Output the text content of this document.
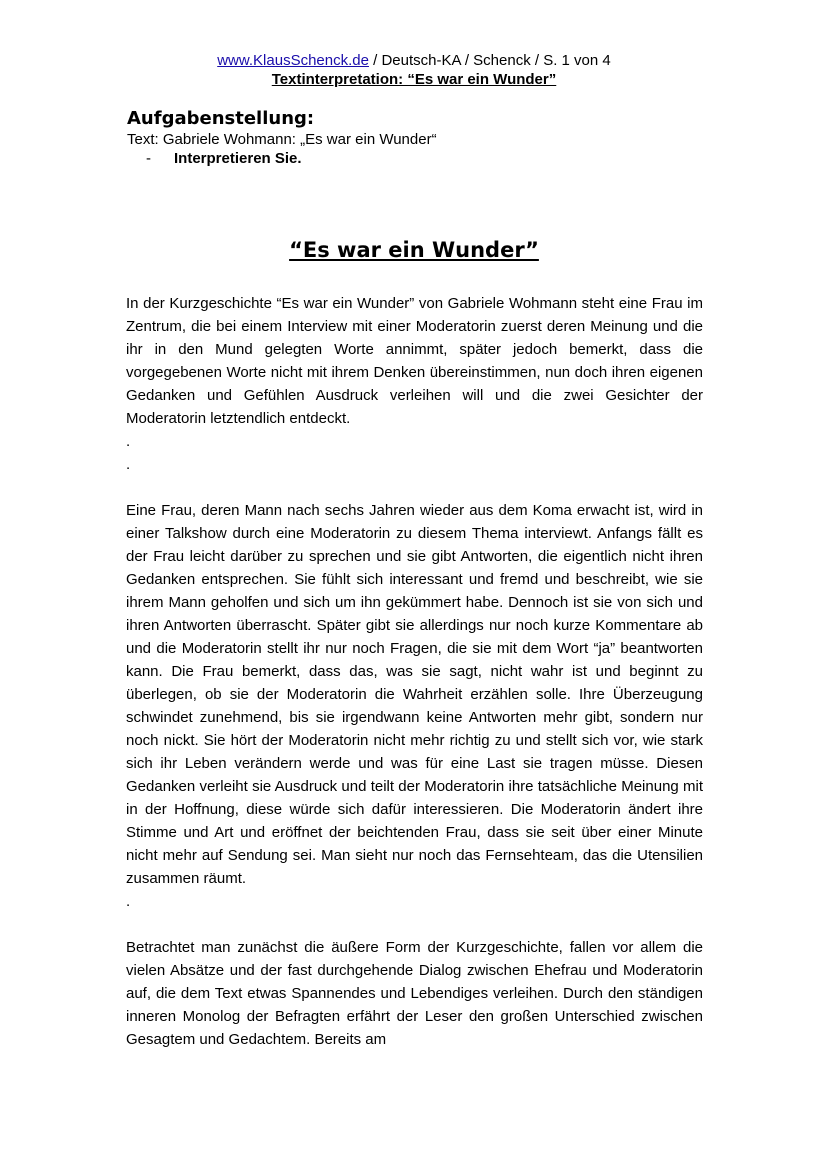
www.KlausSchenck.de / Deutsch-KA / Schenck / S. 1 von 4
Textinterpretation: “Es war ein Wunder”

Aufgabenstellung:

Text: Gabriele Wohmann: „Es war ein Wunder“

- Interpretieren Sie.

“Es war ein Wunder”

In der Kurzgeschichte “Es war ein Wunder” von Gabriele Wohmann steht eine Frau im Zentrum, die bei einem Interview mit einer Moderatorin zuerst deren Meinung und die ihr in den Mund gelegten Worte annimmt, später jedoch bemerkt, dass die vorgegebenen Worte nicht mit ihrem Denken übereinstimmen, nun doch ihren eigenen Gedanken und Gefühlen Ausdruck verleihen will und die zwei Gesichter der Moderatorin letztendlich entdeckt.

.

.

Eine Frau, deren Mann nach sechs Jahren wieder aus dem Koma erwacht ist, wird in einer Talkshow durch eine Moderatorin zu diesem Thema interviewt. Anfangs fällt es der Frau leicht darüber zu sprechen und sie gibt Antworten, die eigentlich nicht ihren Gedanken entsprechen. Sie fühlt sich interessant und fremd und beschreibt, wie sie ihrem Mann geholfen und sich um ihn gekümmert habe. Dennoch ist sie von sich und ihren Antworten überrascht. Später gibt sie allerdings nur noch kurze Kommentare ab und die Moderatorin stellt ihr nur noch Fragen, die sie mit dem Wort “ja” beantworten kann. Die Frau bemerkt, dass das, was sie sagt, nicht wahr ist und beginnt zu überlegen, ob sie der Moderatorin die Wahrheit erzählen solle. Ihre Überzeugung schwindet zunehmend, bis sie irgendwann keine Antworten mehr gibt, sondern nur noch nickt. Sie hört der Moderatorin nicht mehr richtig zu und stellt sich vor, wie stark sich ihr Leben verändern werde und was für eine Last sie tragen müsse. Diesen Gedanken verleiht sie Ausdruck und teilt der Moderatorin ihre tatsächliche Meinung mit in der Hoffnung, diese würde sich dafür interessieren. Die Moderatorin ändert ihre Stimme und Art und eröffnet der beichtenden Frau, dass sie seit über einer Minute nicht mehr auf Sendung sei. Man sieht nur noch das Fernsehteam, das die Utensilien zusammen räumt.

.

Betrachtet man zunächst die äußere Form der Kurzgeschichte, fallen vor allem die vielen Absätze und der fast durchgehende Dialog zwischen Ehefrau und Moderatorin auf, die dem Text etwas Spannendes und Lebendiges verleihen. Durch den ständigen inneren Monolog der Befragten erfährt der Leser den großen Unterschied zwischen Gesagtem und Gedachtem. Bereits am
